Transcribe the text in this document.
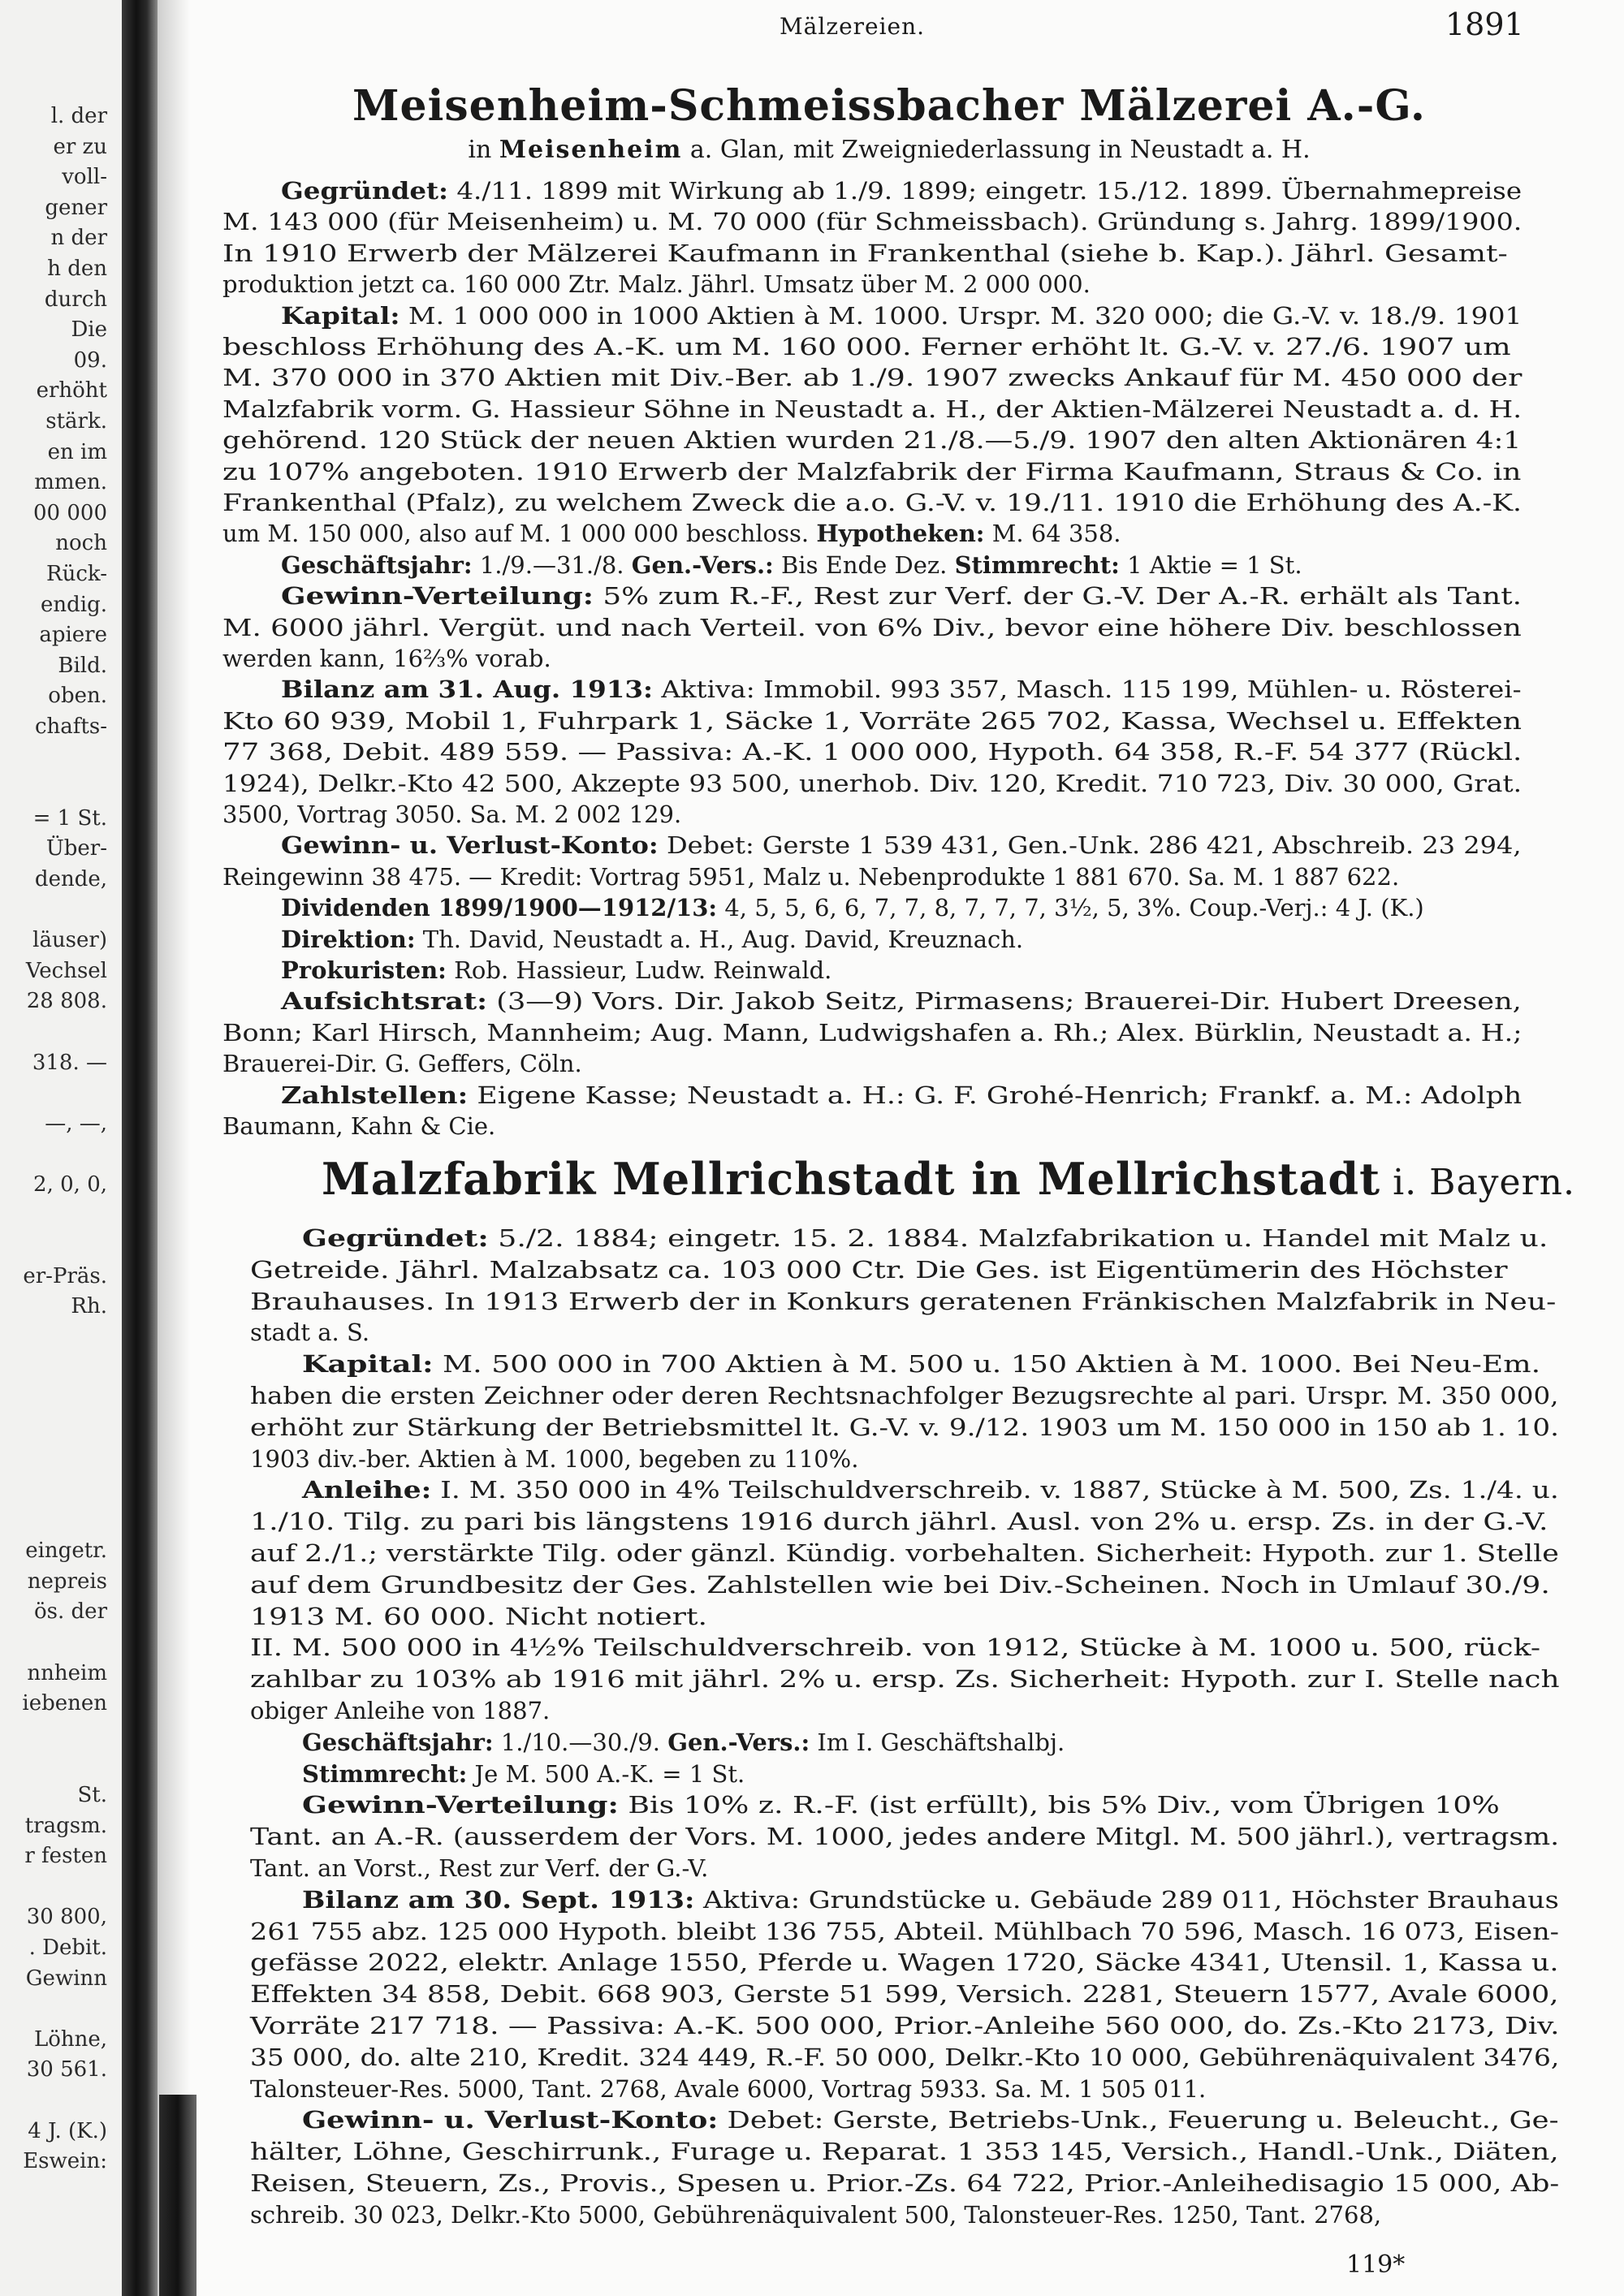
l. der
er zu
voll-
gener
n der
h den
durch
Die
09.
erhöht
stärk.
en im
mmen.
00 000
noch
Rück-
endig.
apiere
Bild.
oben.
chafts-
= 1 St.
Über-
dende,
läuser)
Vechsel
28 808.
318. —
—, —,
2, 0, 0,
er-Präs.
Rh.
eingetr.
nepreis
ös. der
nnheim
iebenen
St.
tragsm.
r festen
30 800,
. Debit.
Gewinn
Löhne,
30 561.
4 J. (K.)
Eswein:
Mälzereien.	1891
Meisenheim-Schmeissbacher Mälzerei A.-G.
in Meisenheim a. Glan, mit Zweigniederlassung in Neustadt a. H.
Gegründet: 4./11. 1899 mit Wirkung ab 1./9. 1899; eingetr. 15./12. 1899. Übernahmepreise
M. 143 000 (für Meisenheim) u. M. 70 000 (für Schmeissbach). Gründung s. Jahrg. 1899/1900.
In 1910 Erwerb der Mälzerei Kaufmann in Frankenthal (siehe b. Kap.). Jährl. Gesamt-
produktion jetzt ca. 160 000 Ztr. Malz. Jährl. Umsatz über M. 2 000 000.
Kapital: M. 1 000 000 in 1000 Aktien à M. 1000. Urspr. M. 320 000; die G.-V. v. 18./9. 1901
beschloss Erhöhung des A.-K. um M. 160 000. Ferner erhöht lt. G.-V. v. 27./6. 1907 um
M. 370 000 in 370 Aktien mit Div.-Ber. ab 1./9. 1907 zwecks Ankauf für M. 450 000 der
Malzfabrik vorm. G. Hassieur Söhne in Neustadt a. H., der Aktien-Mälzerei Neustadt a. d. H.
gehörend. 120 Stück der neuen Aktien wurden 21./8.—5./9. 1907 den alten Aktionären 4:1
zu 107% angeboten. 1910 Erwerb der Malzfabrik der Firma Kaufmann, Straus & Co. in
Frankenthal (Pfalz), zu welchem Zweck die a.o. G.-V. v. 19./11. 1910 die Erhöhung des A.-K.
um M. 150 000, also auf M. 1 000 000 beschloss. Hypotheken: M. 64 358.
Geschäftsjahr: 1./9.—31./8. Gen.-Vers.: Bis Ende Dez. Stimmrecht: 1 Aktie = 1 St.
Gewinn-Verteilung: 5% zum R.-F., Rest zur Verf. der G.-V. Der A.-R. erhält als Tant.
M. 6000 jährl. Vergüt. und nach Verteil. von 6% Div., bevor eine höhere Div. beschlossen
werden kann, 16⅔% vorab.
Bilanz am 31. Aug. 1913: Aktiva: Immobil. 993 357, Masch. 115 199, Mühlen- u. Rösterei-
Kto 60 939, Mobil 1, Fuhrpark 1, Säcke 1, Vorräte 265 702, Kassa, Wechsel u. Effekten
77 368, Debit. 489 559. — Passiva: A.-K. 1 000 000, Hypoth. 64 358, R.-F. 54 377 (Rückl.
1924), Delkr.-Kto 42 500, Akzepte 93 500, unerhob. Div. 120, Kredit. 710 723, Div. 30 000, Grat.
3500, Vortrag 3050. Sa. M. 2 002 129.
Gewinn- u. Verlust-Konto: Debet: Gerste 1 539 431, Gen.-Unk. 286 421, Abschreib. 23 294,
Reingewinn 38 475. — Kredit: Vortrag 5951, Malz u. Nebenprodukte 1 881 670. Sa. M. 1 887 622.
Dividenden 1899/1900—1912/13: 4, 5, 5, 6, 6, 7, 7, 8, 7, 7, 7, 3½, 5, 3%. Coup.-Verj.: 4 J. (K.)
Direktion: Th. David, Neustadt a. H., Aug. David, Kreuznach.
Prokuristen: Rob. Hassieur, Ludw. Reinwald.
Aufsichtsrat: (3—9) Vors. Dir. Jakob Seitz, Pirmasens; Brauerei-Dir. Hubert Dreesen,
Bonn; Karl Hirsch, Mannheim; Aug. Mann, Ludwigshafen a. Rh.; Alex. Bürklin, Neustadt a. H.;
Brauerei-Dir. G. Geffers, Cöln.
Zahlstellen: Eigene Kasse; Neustadt a. H.: G. F. Grohé-Henrich; Frankf. a. M.: Adolph
Baumann, Kahn & Cie.
Malzfabrik Mellrichstadt in Mellrichstadt i. Bayern.
Gegründet: 5./2. 1884; eingetr. 15. 2. 1884. Malzfabrikation u. Handel mit Malz u.
Getreide. Jährl. Malzabsatz ca. 103 000 Ctr. Die Ges. ist Eigentümerin des Höchster
Brauhauses. In 1913 Erwerb der in Konkurs geratenen Fränkischen Malzfabrik in Neu-
stadt a. S.
Kapital: M. 500 000 in 700 Aktien à M. 500 u. 150 Aktien à M. 1000. Bei Neu-Em.
haben die ersten Zeichner oder deren Rechtsnachfolger Bezugsrechte al pari. Urspr. M. 350 000,
erhöht zur Stärkung der Betriebsmittel lt. G.-V. v. 9./12. 1903 um M. 150 000 in 150 ab 1. 10.
1903 div.-ber. Aktien à M. 1000, begeben zu 110%.
Anleihe: I. M. 350 000 in 4% Teilschuldverschreib. v. 1887, Stücke à M. 500, Zs. 1./4. u.
1./10. Tilg. zu pari bis längstens 1916 durch jährl. Ausl. von 2% u. ersp. Zs. in der G.-V.
auf 2./1.; verstärkte Tilg. oder gänzl. Kündig. vorbehalten. Sicherheit: Hypoth. zur 1. Stelle
auf dem Grundbesitz der Ges. Zahlstellen wie bei Div.-Scheinen. Noch in Umlauf 30./9.
1913 M. 60 000. Nicht notiert.
II. M. 500 000 in 4½% Teilschuldverschreib. von 1912, Stücke à M. 1000 u. 500, rück-
zahlbar zu 103% ab 1916 mit jährl. 2% u. ersp. Zs. Sicherheit: Hypoth. zur I. Stelle nach
obiger Anleihe von 1887.
Geschäftsjahr: 1./10.—30./9. Gen.-Vers.: Im I. Geschäftshalbj.
Stimmrecht: Je M. 500 A.-K. = 1 St.
Gewinn-Verteilung: Bis 10% z. R.-F. (ist erfüllt), bis 5% Div., vom Übrigen 10%
Tant. an A.-R. (ausserdem der Vors. M. 1000, jedes andere Mitgl. M. 500 jährl.), vertragsm.
Tant. an Vorst., Rest zur Verf. der G.-V.
Bilanz am 30. Sept. 1913: Aktiva: Grundstücke u. Gebäude 289 011, Höchster Brauhaus
261 755 abz. 125 000 Hypoth. bleibt 136 755, Abteil. Mühlbach 70 596, Masch. 16 073, Eisen-
gefässe 2022, elektr. Anlage 1550, Pferde u. Wagen 1720, Säcke 4341, Utensil. 1, Kassa u.
Effekten 34 858, Debit. 668 903, Gerste 51 599, Versich. 2281, Steuern 1577, Avale 6000,
Vorräte 217 718. — Passiva: A.-K. 500 000, Prior.-Anleihe 560 000, do. Zs.-Kto 2173, Div.
35 000, do. alte 210, Kredit. 324 449, R.-F. 50 000, Delkr.-Kto 10 000, Gebührenäquivalent 3476,
Talonsteuer-Res. 5000, Tant. 2768, Avale 6000, Vortrag 5933. Sa. M. 1 505 011.
Gewinn- u. Verlust-Konto: Debet: Gerste, Betriebs-Unk., Feuerung u. Beleucht., Ge-
hälter, Löhne, Geschirrunk., Furage u. Reparat. 1 353 145, Versich., Handl.-Unk., Diäten,
Reisen, Steuern, Zs., Provis., Spesen u. Prior.-Zs. 64 722, Prior.-Anleihedisagio 15 000, Ab-
schreib. 30 023, Delkr.-Kto 5000, Gebührenäquivalent 500, Talonsteuer-Res. 1250, Tant. 2768,
119*
